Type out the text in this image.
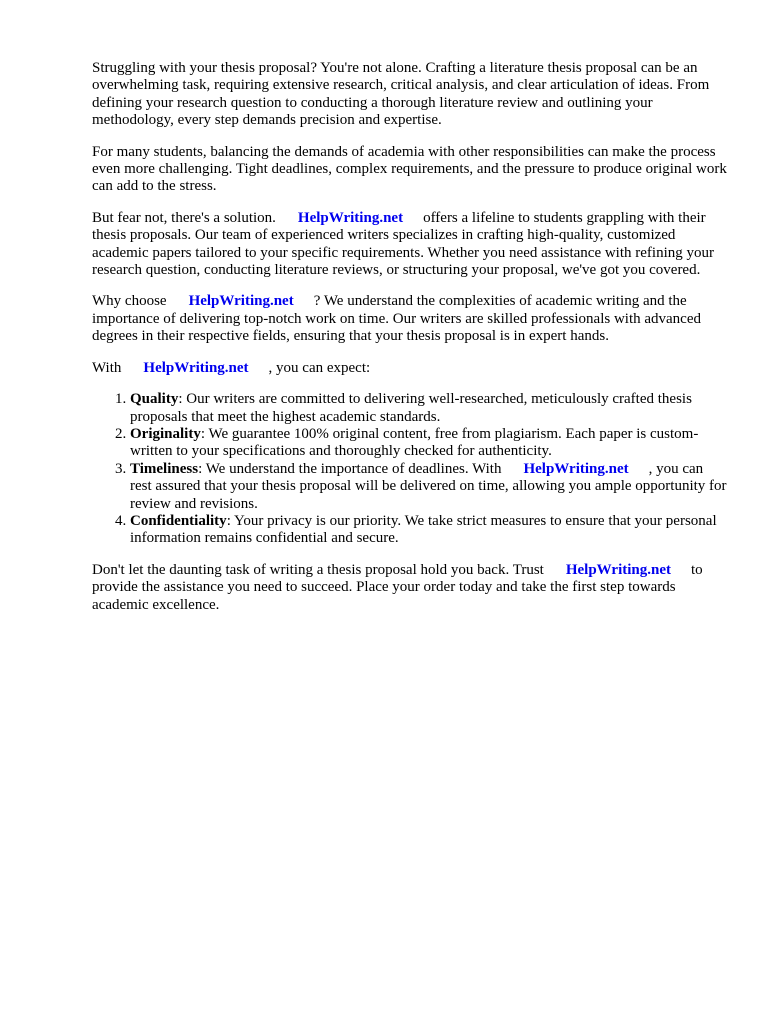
Struggling with your thesis proposal? You're not alone. Crafting a literature thesis proposal can be an overwhelming task, requiring extensive research, critical analysis, and clear articulation of ideas. From defining your research question to conducting a thorough literature review and outlining your methodology, every step demands precision and expertise.

For many students, balancing the demands of academia with other responsibilities can make the process even more challenging. Tight deadlines, complex requirements, and the pressure to produce original work can add to the stress.

But fear not, there's a solution. HelpWriting.net offers a lifeline to students grappling with their thesis proposals. Our team of experienced writers specializes in crafting high-quality, customized academic papers tailored to your specific requirements. Whether you need assistance with refining your research question, conducting literature reviews, or structuring your proposal, we've got you covered.

Why choose HelpWriting.net ? We understand the complexities of academic writing and the importance of delivering top-notch work on time. Our writers are skilled professionals with advanced degrees in their respective fields, ensuring that your thesis proposal is in expert hands.

With HelpWriting.net , you can expect:

1. Quality: Our writers are committed to delivering well-researched, meticulously crafted thesis proposals that meet the highest academic standards.
2. Originality: We guarantee 100% original content, free from plagiarism. Each paper is custom-written to your specifications and thoroughly checked for authenticity.
3. Timeliness: We understand the importance of deadlines. With HelpWriting.net , you can rest assured that your thesis proposal will be delivered on time, allowing you ample opportunity for review and revisions.
4. Confidentiality: Your privacy is our priority. We take strict measures to ensure that your personal information remains confidential and secure.

Don't let the daunting task of writing a thesis proposal hold you back. Trust HelpWriting.net to provide the assistance you need to succeed. Place your order today and take the first step towards academic excellence.
